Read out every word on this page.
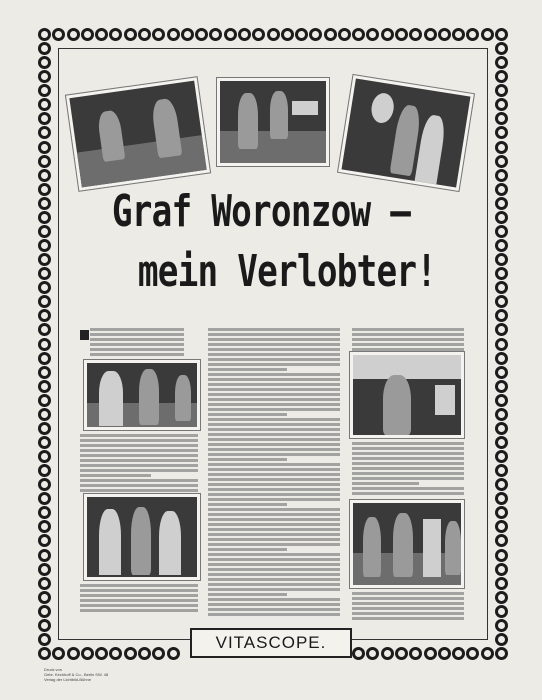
Graf Woronzow –
mein Verlobter!
VITASCOPE.
Druck von
Gebr. Kirchhoff & Co., Berlin SW. 48
Verlag der Lichtbild-Bühne
